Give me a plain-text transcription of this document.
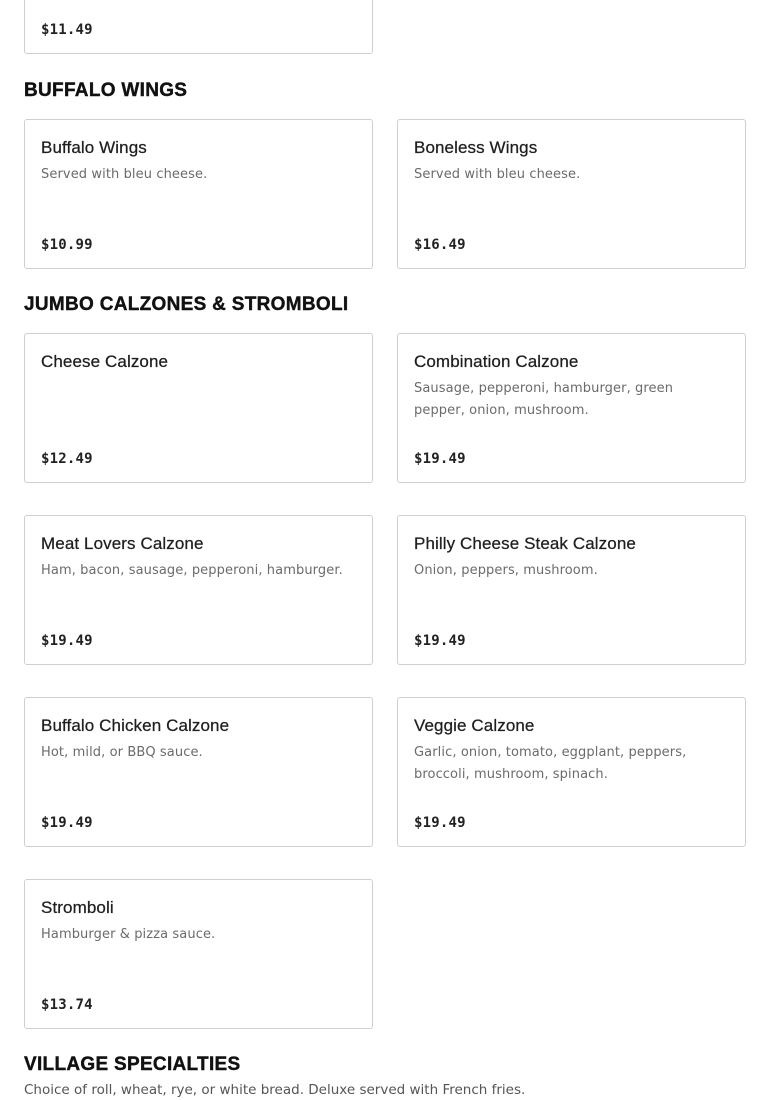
$11.49
BUFFALO WINGS
Buffalo Wings
Served with bleu cheese.
$10.99
Boneless Wings
Served with bleu cheese.
$16.49
JUMBO CALZONES & STROMBOLI
Cheese Calzone
$12.49
Combination Calzone
Sausage, pepperoni, hamburger, green pepper, onion, mushroom.
$19.49
Meat Lovers Calzone
Ham, bacon, sausage, pepperoni, hamburger.
$19.49
Philly Cheese Steak Calzone
Onion, peppers, mushroom.
$19.49
Buffalo Chicken Calzone
Hot, mild, or BBQ sauce.
$19.49
Veggie Calzone
Garlic, onion, tomato, eggplant, peppers, broccoli, mushroom, spinach.
$19.49
Stromboli
Hamburger & pizza sauce.
$13.74
VILLAGE SPECIALTIES
Choice of roll, wheat, rye, or white bread. Deluxe served with French fries.
